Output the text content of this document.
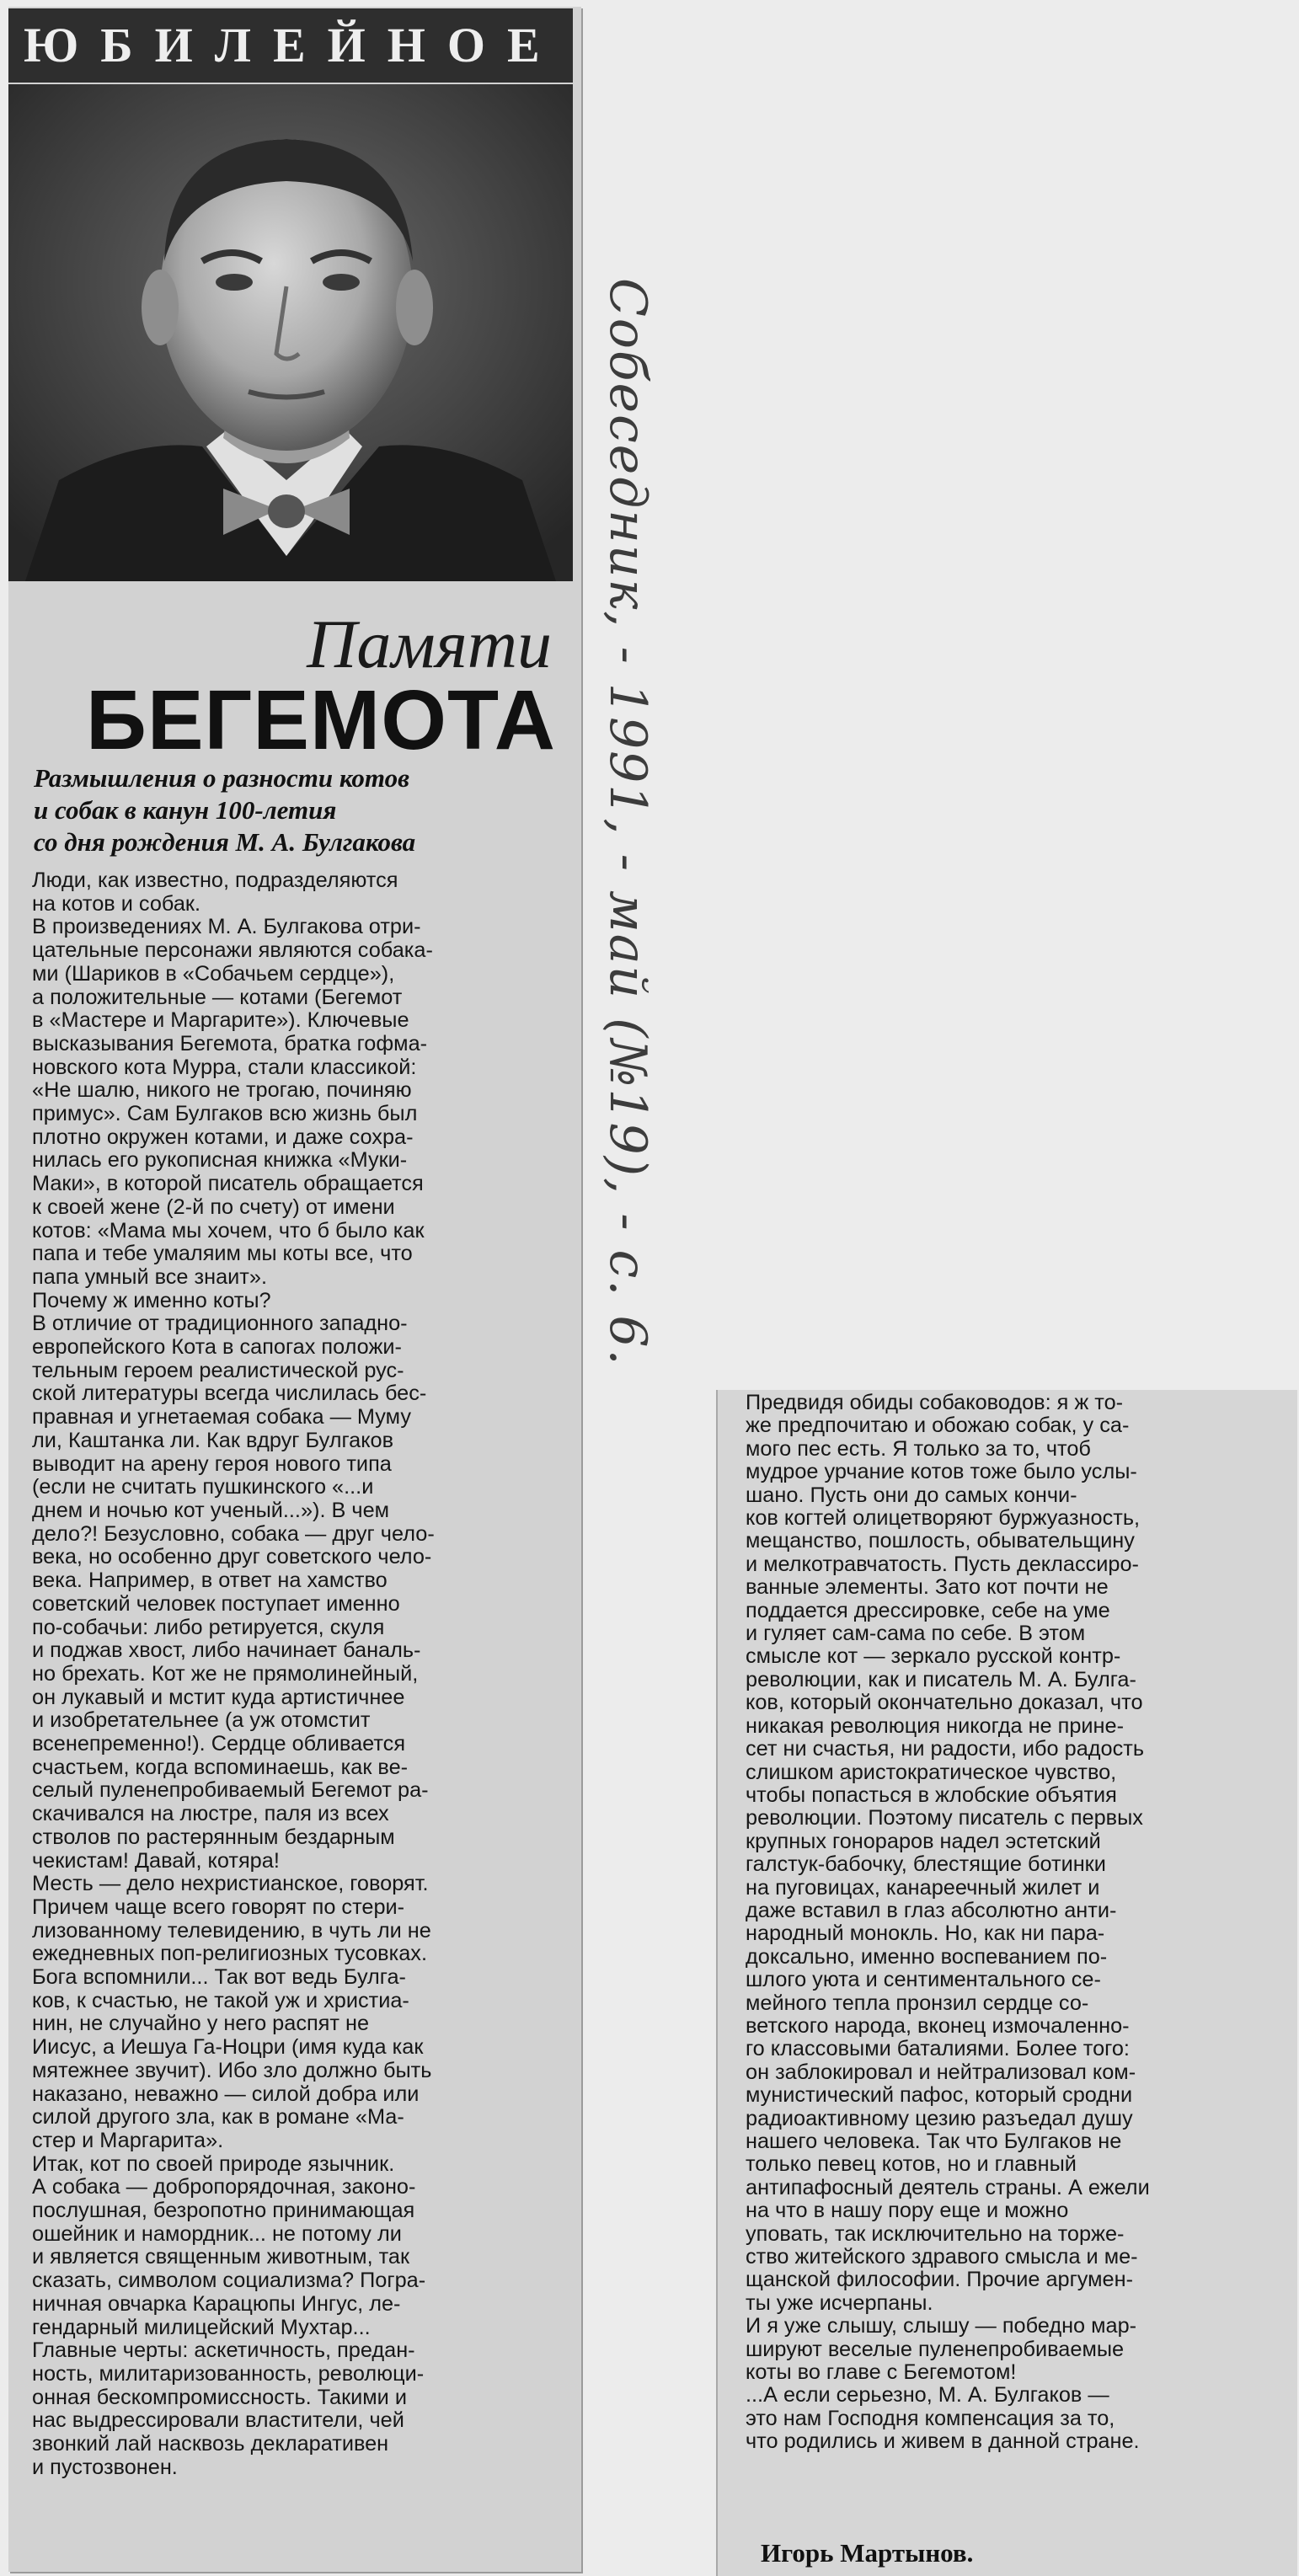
ЮБИЛЕЙНОЕ
Памяти
БЕГЕМОТА
Размышления о разности котов
и собак в канун 100-летия
со дня рождения М. А. Булгакова
Люди, как известно, подразделяются
на котов и собак.
В произведениях М. А. Булгакова отри-
цательные персонажи являются собака-
ми (Шариков в «Собачьем сердце»),
а положительные — котами (Бегемот
в «Мастере и Маргарите»). Ключевые
высказывания Бегемота, братка гофма-
новского кота Мурра, стали классикой:
«Не шалю, никого не трогаю, починяю
примус». Сам Булгаков всю жизнь был
плотно окружен котами, и даже сохра-
нилась его рукописная книжка «Муки-
Маки», в которой писатель обращается
к своей жене (2-й по счету) от имени
котов: «Мама мы хочем, что б было как
папа и тебе умаляим мы коты все, что
папа умный все знаит».
Почему ж именно коты?
В отличие от традиционного западно-
европейского Кота в сапогах положи-
тельным героем реалистической рус-
ской литературы всегда числилась бес-
правная и угнетаемая собака — Муму
ли, Каштанка ли. Как вдруг Булгаков
выводит на арену героя нового типа
(если не считать пушкинского «...и
днем и ночью кот ученый...»). В чем
дело?! Безусловно, собака — друг чело-
века, но особенно друг советского чело-
века. Например, в ответ на хамство
советский человек поступает именно
по-собачьи: либо ретируется, скуля
и поджав хвост, либо начинает баналь-
но брехать. Кот же не прямолинейный,
он лукавый и мстит куда артистичнее
и изобретательнее (а уж отомстит
всенепременно!). Сердце обливается
счастьем, когда вспоминаешь, как ве-
селый пуленепробиваемый Бегемот ра-
скачивался на люстре, паля из всех
стволов по растерянным бездарным
чекистам! Давай, котяра!
Месть — дело нехристианское, говорят.
Причем чаще всего говорят по стери-
лизованному телевидению, в чуть ли не
ежедневных поп-религиозных тусовках.
Бога вспомнили... Так вот ведь Булга-
ков, к счастью, не такой уж и христиа-
нин, не случайно у него распят не
Иисус, а Иешуа Га-Ноцри (имя куда как
мятежнее звучит). Ибо зло должно быть
наказано, неважно — силой добра или
силой другого зла, как в романе «Ма-
стер и Маргарита».
Итак, кот по своей природе язычник.
А собака — добропорядочная, законо-
послушная, безропотно принимающая
ошейник и намордник... не потому ли
и является священным животным, так
сказать, символом социализма? Погра-
ничная овчарка Карацюпы Ингус, ле-
гендарный милицейский Мухтар...
Главные черты: аскетичность, предан-
ность, милитаризованность, революци-
онная бескомпромиссность. Такими и
нас выдрессировали властители, чей
звонкий лай насквозь декларативен
и пустозвонен.
Собеседник, - 1991, - май (№19), - с. 6.
Предвидя обиды собаководов: я ж то-
же предпочитаю и обожаю собак, у са-
мого пес есть. Я только за то, чтоб
мудрое урчание котов тоже было услы-
шано. Пусть они до самых кончи-
ков когтей олицетворяют буржуазность,
мещанство, пошлость, обывательщину
и мелкотравчатость. Пусть деклассиро-
ванные элементы. Зато кот почти не
поддается дрессировке, себе на уме
и гуляет сам-сама по себе. В этом
смысле кот — зеркало русской контр-
революции, как и писатель М. А. Булга-
ков, который окончательно доказал, что
никакая революция никогда не прине-
сет ни счастья, ни радости, ибо радость
слишком аристократическое чувство,
чтобы попасться в жлобские объятия
революции. Поэтому писатель с первых
крупных гонораров надел эстетский
галстук-бабочку, блестящие ботинки
на пуговицах, канареечный жилет и
даже вставил в глаз абсолютно анти-
народный монокль. Но, как ни пара-
доксально, именно воспеванием по-
шлого уюта и сентиментального се-
мейного тепла пронзил сердце со-
ветского народа, вконец измочаленно-
го классовыми баталиями. Более того:
он заблокировал и нейтрализовал ком-
мунистический пафос, который сродни
радиоактивному цезию разъедал душу
нашего человека. Так что Булгаков не
только певец котов, но и главный
антипафосный деятель страны. А ежели
на что в нашу пору еще и можно
уповать, так исключительно на торже-
ство житейского здравого смысла и ме-
щанской философии. Прочие аргумен-
ты уже исчерпаны.
И я уже слышу, слышу — победно мар-
шируют веселые пуленепробиваемые
коты во главе с Бегемотом!
...А если серьезно, М. А. Булгаков —
это нам Господня компенсация за то,
что родились и живем в данной стране.
Игорь Мартынов.
